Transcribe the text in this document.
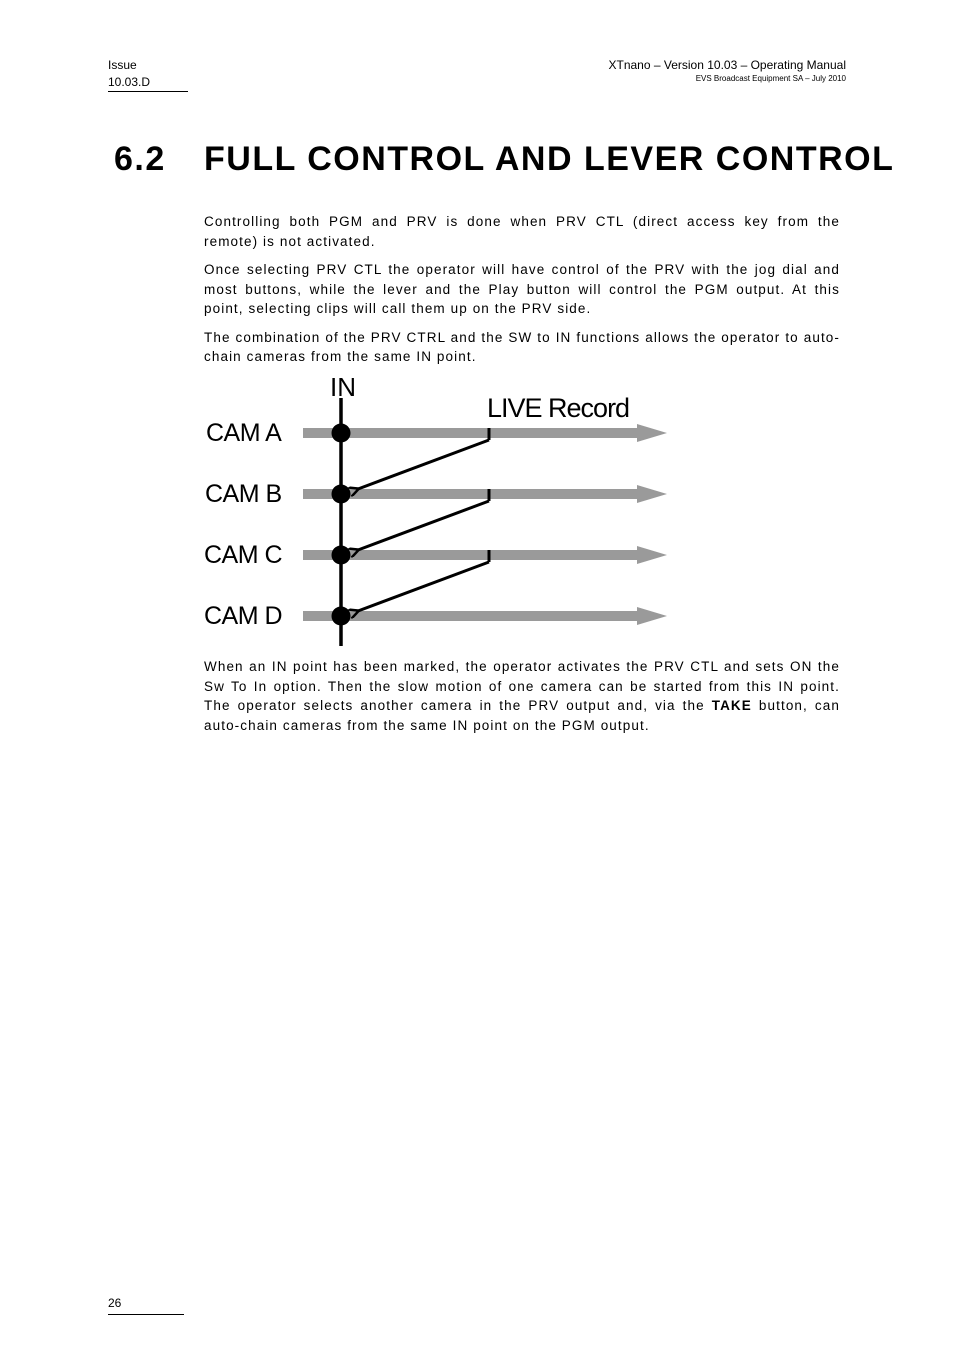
Issue
10.03.D
XTnano – Version 10.03 – Operating Manual
EVS Broadcast Equipment SA – July 2010
6.2 FULL CONTROL AND LEVER CONTROL

Controlling both PGM and PRV is done when PRV CTL (direct access key from the remote) is not activated.

Once selecting PRV CTL the operator will have control of the PRV with the jog dial and most buttons, while the lever and the Play button will control the PGM output. At this point, selecting clips will call them up on the PRV side.

The combination of the PRV CTRL and the SW to IN functions allows the operator to auto-chain cameras from the same IN point.

IN
LIVE Record
CAM A
CAM B
CAM C
CAM D

When an IN point has been marked, the operator activates the PRV CTL and sets ON the Sw To In option. Then the slow motion of one camera can be started from this IN point. The operator selects another camera in the PRV output and, via the TAKE button, can auto-chain cameras from the same IN point on the PGM output.

26
